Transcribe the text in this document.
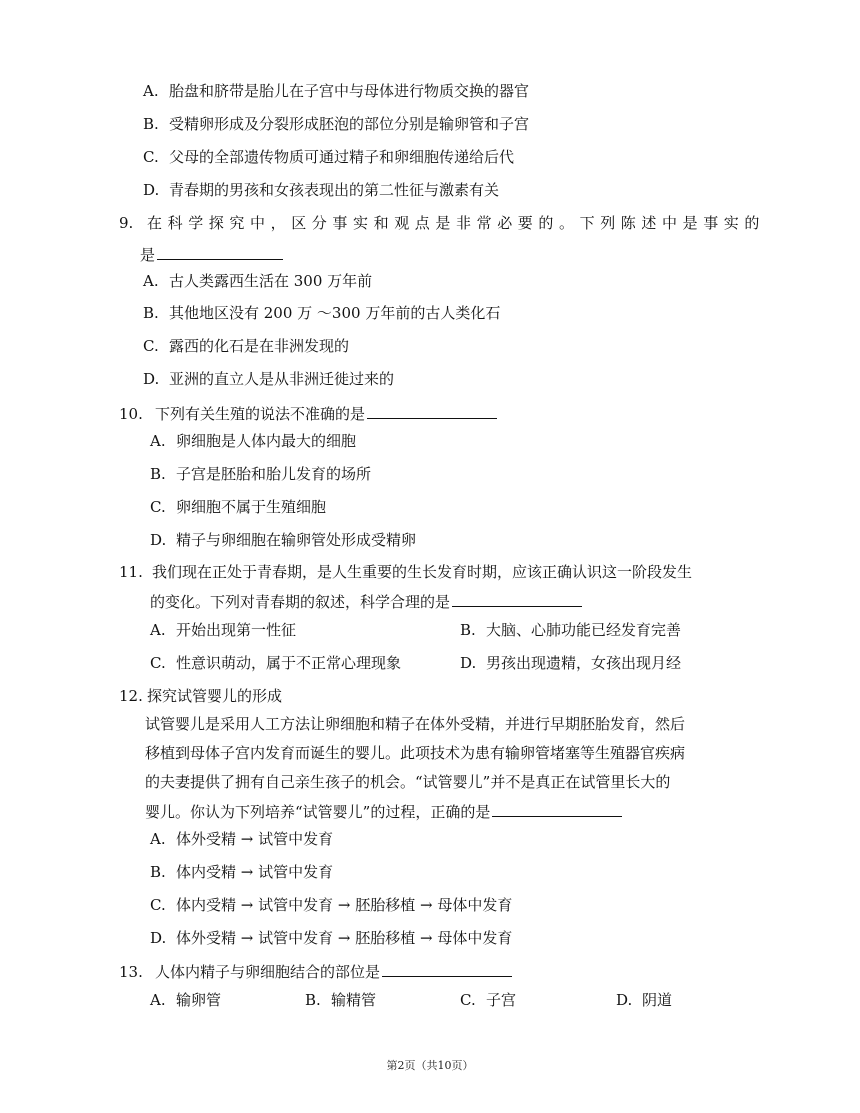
A. 胎盘和脐带是胎儿在子宫中与母体进行物质交换的器官
B. 受精卵形成及分裂形成胚泡的部位分别是输卵管和子宫
C. 父母的全部遗传物质可通过精子和卵细胞传递给后代
D. 青春期的男孩和女孩表现出的第二性征与激素有关
9. 在科学探究中，区分事实和观点是非常必要的。下列陈述中是事实的
是
A. 古人类露西生活在 300 万年前
B. 其他地区没有 200 万 ～300 万年前的古人类化石
C. 露西的化石是在非洲发现的
D. 亚洲的直立人是从非洲迁徙过来的
10. 下列有关生殖的说法不准确的是
A. 卵细胞是人体内最大的细胞
B. 子宫是胚胎和胎儿发育的场所
C. 卵细胞不属于生殖细胞
D. 精子与卵细胞在输卵管处形成受精卵
11. 我们现在正处于青春期，是人生重要的生长发育时期，应该正确认识这一阶段发生
的变化。下列对青春期的叙述，科学合理的是
A. 开始出现第一性征	B. 大脑、心肺功能已经发育完善
C. 性意识萌动，属于不正常心理现象	D. 男孩出现遗精，女孩出现月经
12. 探究试管婴儿的形成
试管婴儿是采用人工方法让卵细胞和精子在体外受精，并进行早期胚胎发育，然后
移植到母体子宫内发育而诞生的婴儿。此项技术为患有输卵管堵塞等生殖器官疾病
的夫妻提供了拥有自己亲生孩子的机会。“试管婴儿”并不是真正在试管里长大的
婴儿。你认为下列培养“试管婴儿”的过程，正确的是
A. 体外受精 → 试管中发育
B. 体内受精 → 试管中发育
C. 体内受精 → 试管中发育 → 胚胎移植 → 母体中发育
D. 体外受精 → 试管中发育 → 胚胎移植 → 母体中发育
13. 人体内精子与卵细胞结合的部位是
A. 输卵管	B. 输精管	C. 子宫	D. 阴道
第2页（共10页）
